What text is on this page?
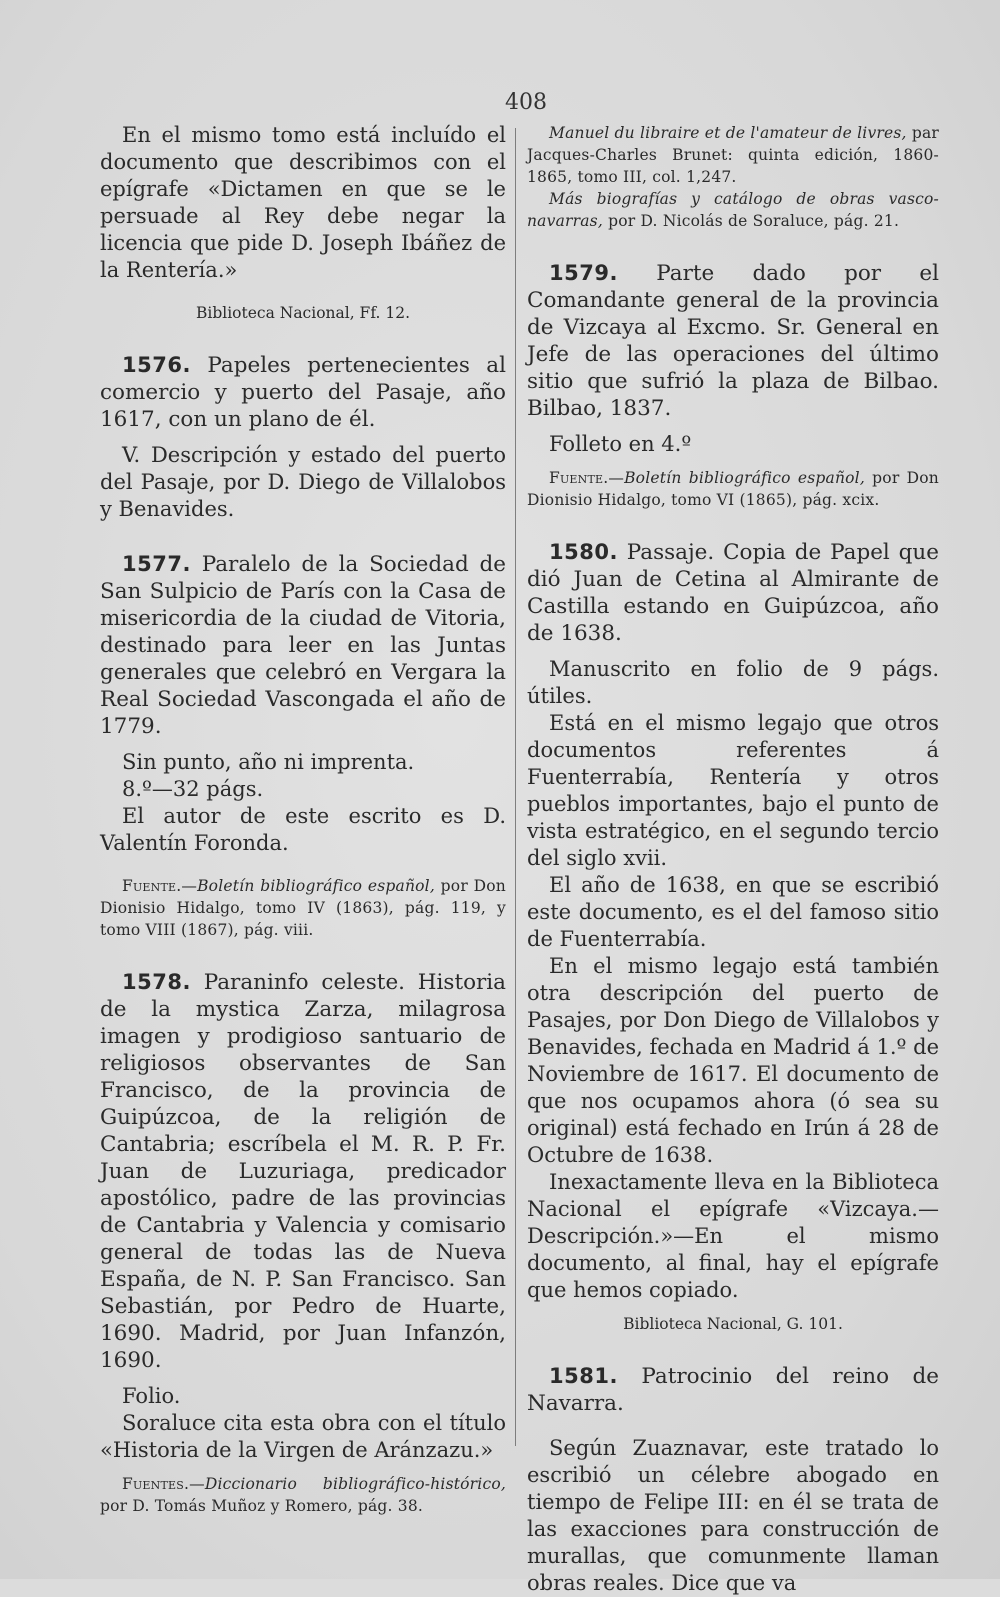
408

En el mismo tomo está incluído el documento que describimos con el epígrafe «Dictamen en que se le persuade al Rey debe negar la licencia que pide D. Joseph Ibáñez de la Rentería.»

Biblioteca Nacional, Ff. 12.

1576. Papeles pertenecientes al comercio y puerto del Pasaje, año 1617, con un plano de él.

V. Descripción y estado del puerto del Pasaje, por D. Diego de Villalobos y Benavides.

1577. Paralelo de la Sociedad de San Sulpicio de París con la Casa de misericordia de la ciudad de Vitoria, destinado para leer en las Juntas generales que celebró en Vergara la Real Sociedad Vascongada el año de 1779.

Sin punto, año ni imprenta.

8.º—32 págs.

El autor de este escrito es D. Valentín Foronda.

Fuente.—Boletín bibliográfico español, por Don Dionisio Hidalgo, tomo IV (1863), pág. 119, y tomo VIII (1867), pág. viii.

1578. Paraninfo celeste. Historia de la mystica Zarza, milagrosa imagen y prodigioso santuario de religiosos observantes de San Francisco, de la provincia de Guipúzcoa, de la religión de Cantabria; escríbela el M. R. P. Fr. Juan de Luzuriaga, predicador apostólico, padre de las provincias de Cantabria y Valencia y comisario general de todas las de Nueva España, de N. P. San Francisco. San Sebastián, por Pedro de Huarte, 1690. Madrid, por Juan Infanzón, 1690.

Folio.

Soraluce cita esta obra con el título «Historia de la Virgen de Aránzazu.»

Fuentes.—Diccionario bibliográfico-histórico, por D. Tomás Muñoz y Romero, pág. 38.

Manuel du libraire et de l'amateur de livres, par Jacques-Charles Brunet: quinta edición, 1860-1865, tomo III, col. 1,247.

Más biografías y catálogo de obras vasco-navarras, por D. Nicolás de Soraluce, pág. 21.

1579. Parte dado por el Comandante general de la provincia de Vizcaya al Excmo. Sr. General en Jefe de las operaciones del último sitio que sufrió la plaza de Bilbao. Bilbao, 1837.

Folleto en 4.º

Fuente.—Boletín bibliográfico español, por Don Dionisio Hidalgo, tomo VI (1865), pág. xcix.

1580. Passaje. Copia de Papel que dió Juan de Cetina al Almirante de Castilla estando en Guipúzcoa, año de 1638.

Manuscrito en folio de 9 págs. útiles.

Está en el mismo legajo que otros documentos referentes á Fuenterrabía, Rentería y otros pueblos importantes, bajo el punto de vista estratégico, en el segundo tercio del siglo xvii.

El año de 1638, en que se escribió este documento, es el del famoso sitio de Fuenterrabía.

En el mismo legajo está también otra descripción del puerto de Pasajes, por Don Diego de Villalobos y Benavides, fechada en Madrid á 1.º de Noviembre de 1617. El documento de que nos ocupamos ahora (ó sea su original) está fechado en Irún á 28 de Octubre de 1638.

Inexactamente lleva en la Biblioteca Nacional el epígrafe «Vizcaya.—Descripción.»—En el mismo documento, al final, hay el epígrafe que hemos copiado.

Biblioteca Nacional, G. 101.

1581. Patrocinio del reino de Navarra.

Según Zuaznavar, este tratado lo escribió un célebre abogado en tiempo de Felipe III: en él se trata de las exacciones para construcción de murallas, que comunmente llaman obras reales. Dice que va
